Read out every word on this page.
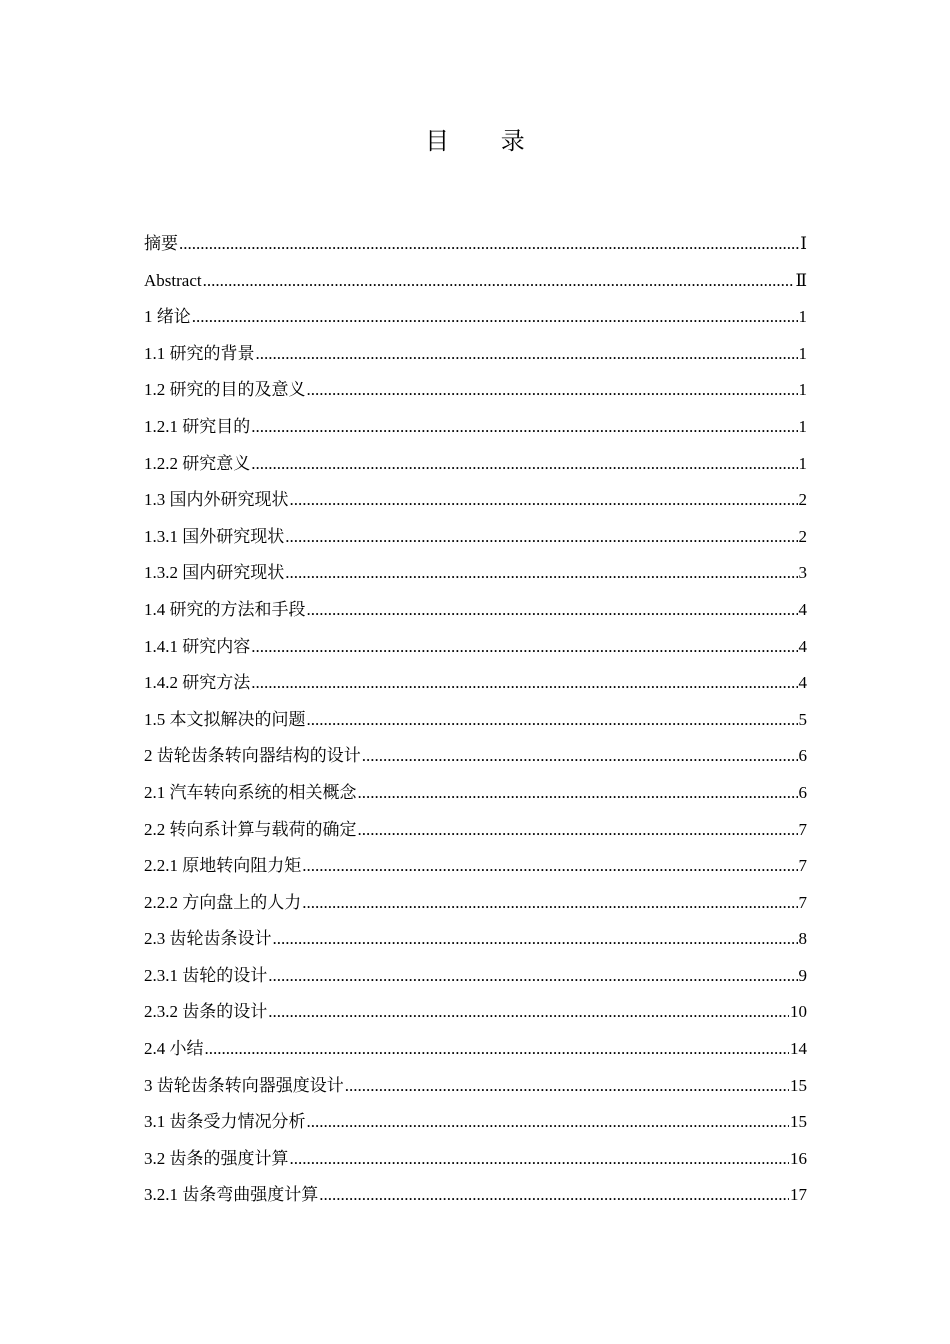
目 录
摘要 .....	Ⅰ
Abstract .....	Ⅱ
1 绪论 .....	1
1.1 研究的背景 .....	1
1.2 研究的目的及意义 .....	1
1.2.1 研究目的 .....	1
1.2.2 研究意义 .....	1
1.3 国内外研究现状 .....	2
1.3.1 国外研究现状 .....	2
1.3.2 国内研究现状 .....	3
1.4 研究的方法和手段 .....	4
1.4.1 研究内容 .....	4
1.4.2 研究方法 .....	4
1.5 本文拟解决的问题 .....	5
2 齿轮齿条转向器结构的设计 .....	6
2.1 汽车转向系统的相关概念 .....	6
2.2 转向系计算与载荷的确定 .....	7
2.2.1 原地转向阻力矩 .....	7
2.2.2 方向盘上的人力 .....	7
2.3 齿轮齿条设计 .....	8
2.3.1 齿轮的设计 .....	9
2.3.2 齿条的设计 .....	10
2.4 小结 .....	14
3 齿轮齿条转向器强度设计 .....	15
3.1 齿条受力情况分析 .....	15
3.2 齿条的强度计算 .....	16
3.2.1 齿条弯曲强度计算 .....	17
